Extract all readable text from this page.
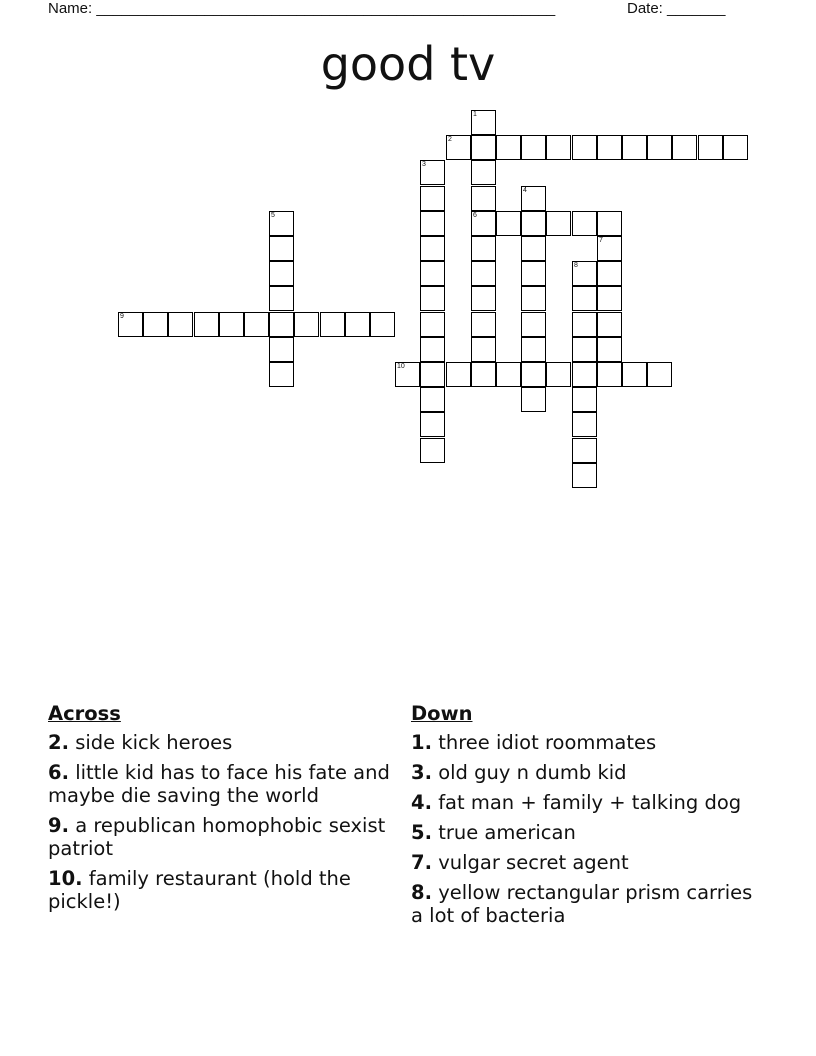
Name: _______________________________________________________	Date: _______
good tv
1
6
2
3
4
5
7
8
9
10
Across
2. side kick heroes
6. little kid has to face his fate and maybe die saving the world
9. a republican homophobic sexist patriot
10. family restaurant (hold the pickle!)
Down
1. three idiot roommates
3. old guy n dumb kid
4. fat man + family + talking dog
5. true american
7. vulgar secret agent
8. yellow rectangular prism carries a lot of bacteria
